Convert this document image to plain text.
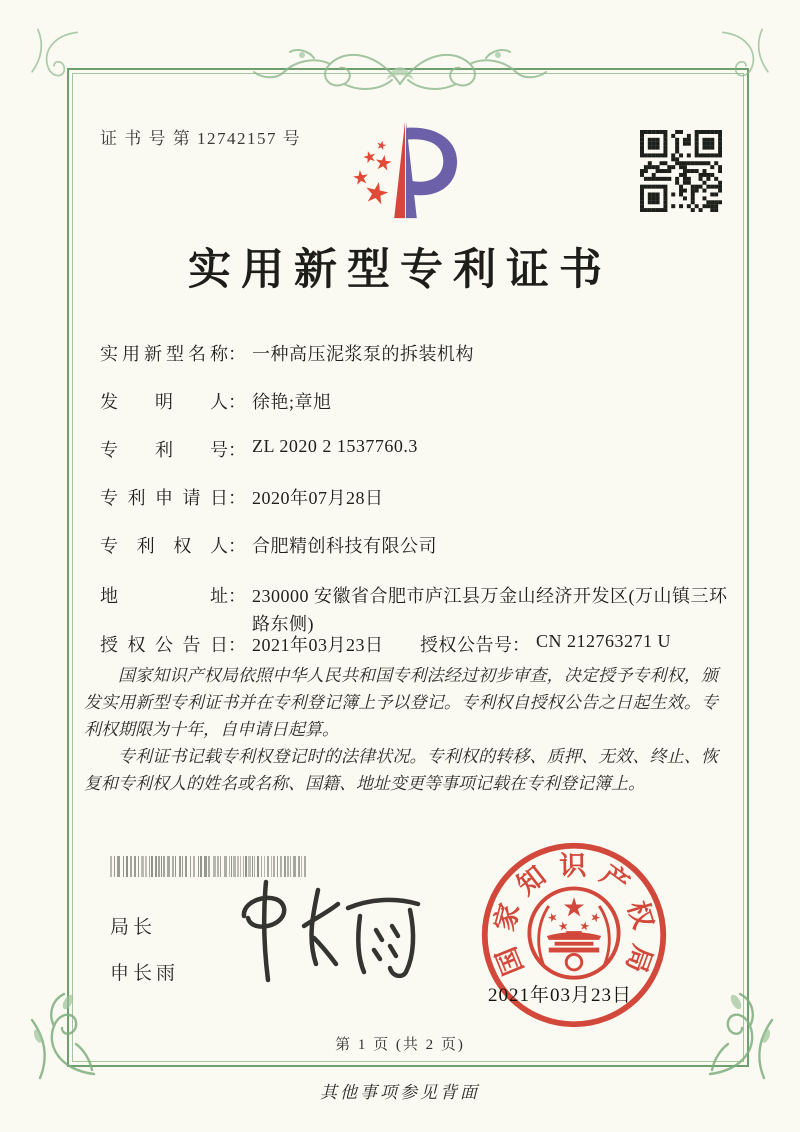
证 书 号 第 12742157 号
实用新型专利证书
实用新型名称： 一种高压泥浆泵的拆装机构
发明人： 徐艳;章旭
专利号： ZL 2020 2 1537760.3
专利申请日： 2020年07月28日
专利权人： 合肥精创科技有限公司
地址： 230000 安徽省合肥市庐江县万金山经济开发区(万山镇三环路东侧)
授权公告日： 2021年03月23日 授权公告号： CN 212763271 U

国家知识产权局依照中华人民共和国专利法经过初步审查，决定授予专利权，颁发实用新型专利证书并在专利登记簿上予以登记。专利权自授权公告之日起生效。专利权期限为十年，自申请日起算。

专利证书记载专利权登记时的法律状况。专利权的转移、质押、无效、终止、恢复和专利权人的姓名或名称、国籍、地址变更等事项记载在专利登记簿上。

局长
申长雨	国家知识产权局
2021年03月23日
第 1 页 (共 2 页)
其他事项参见背面
